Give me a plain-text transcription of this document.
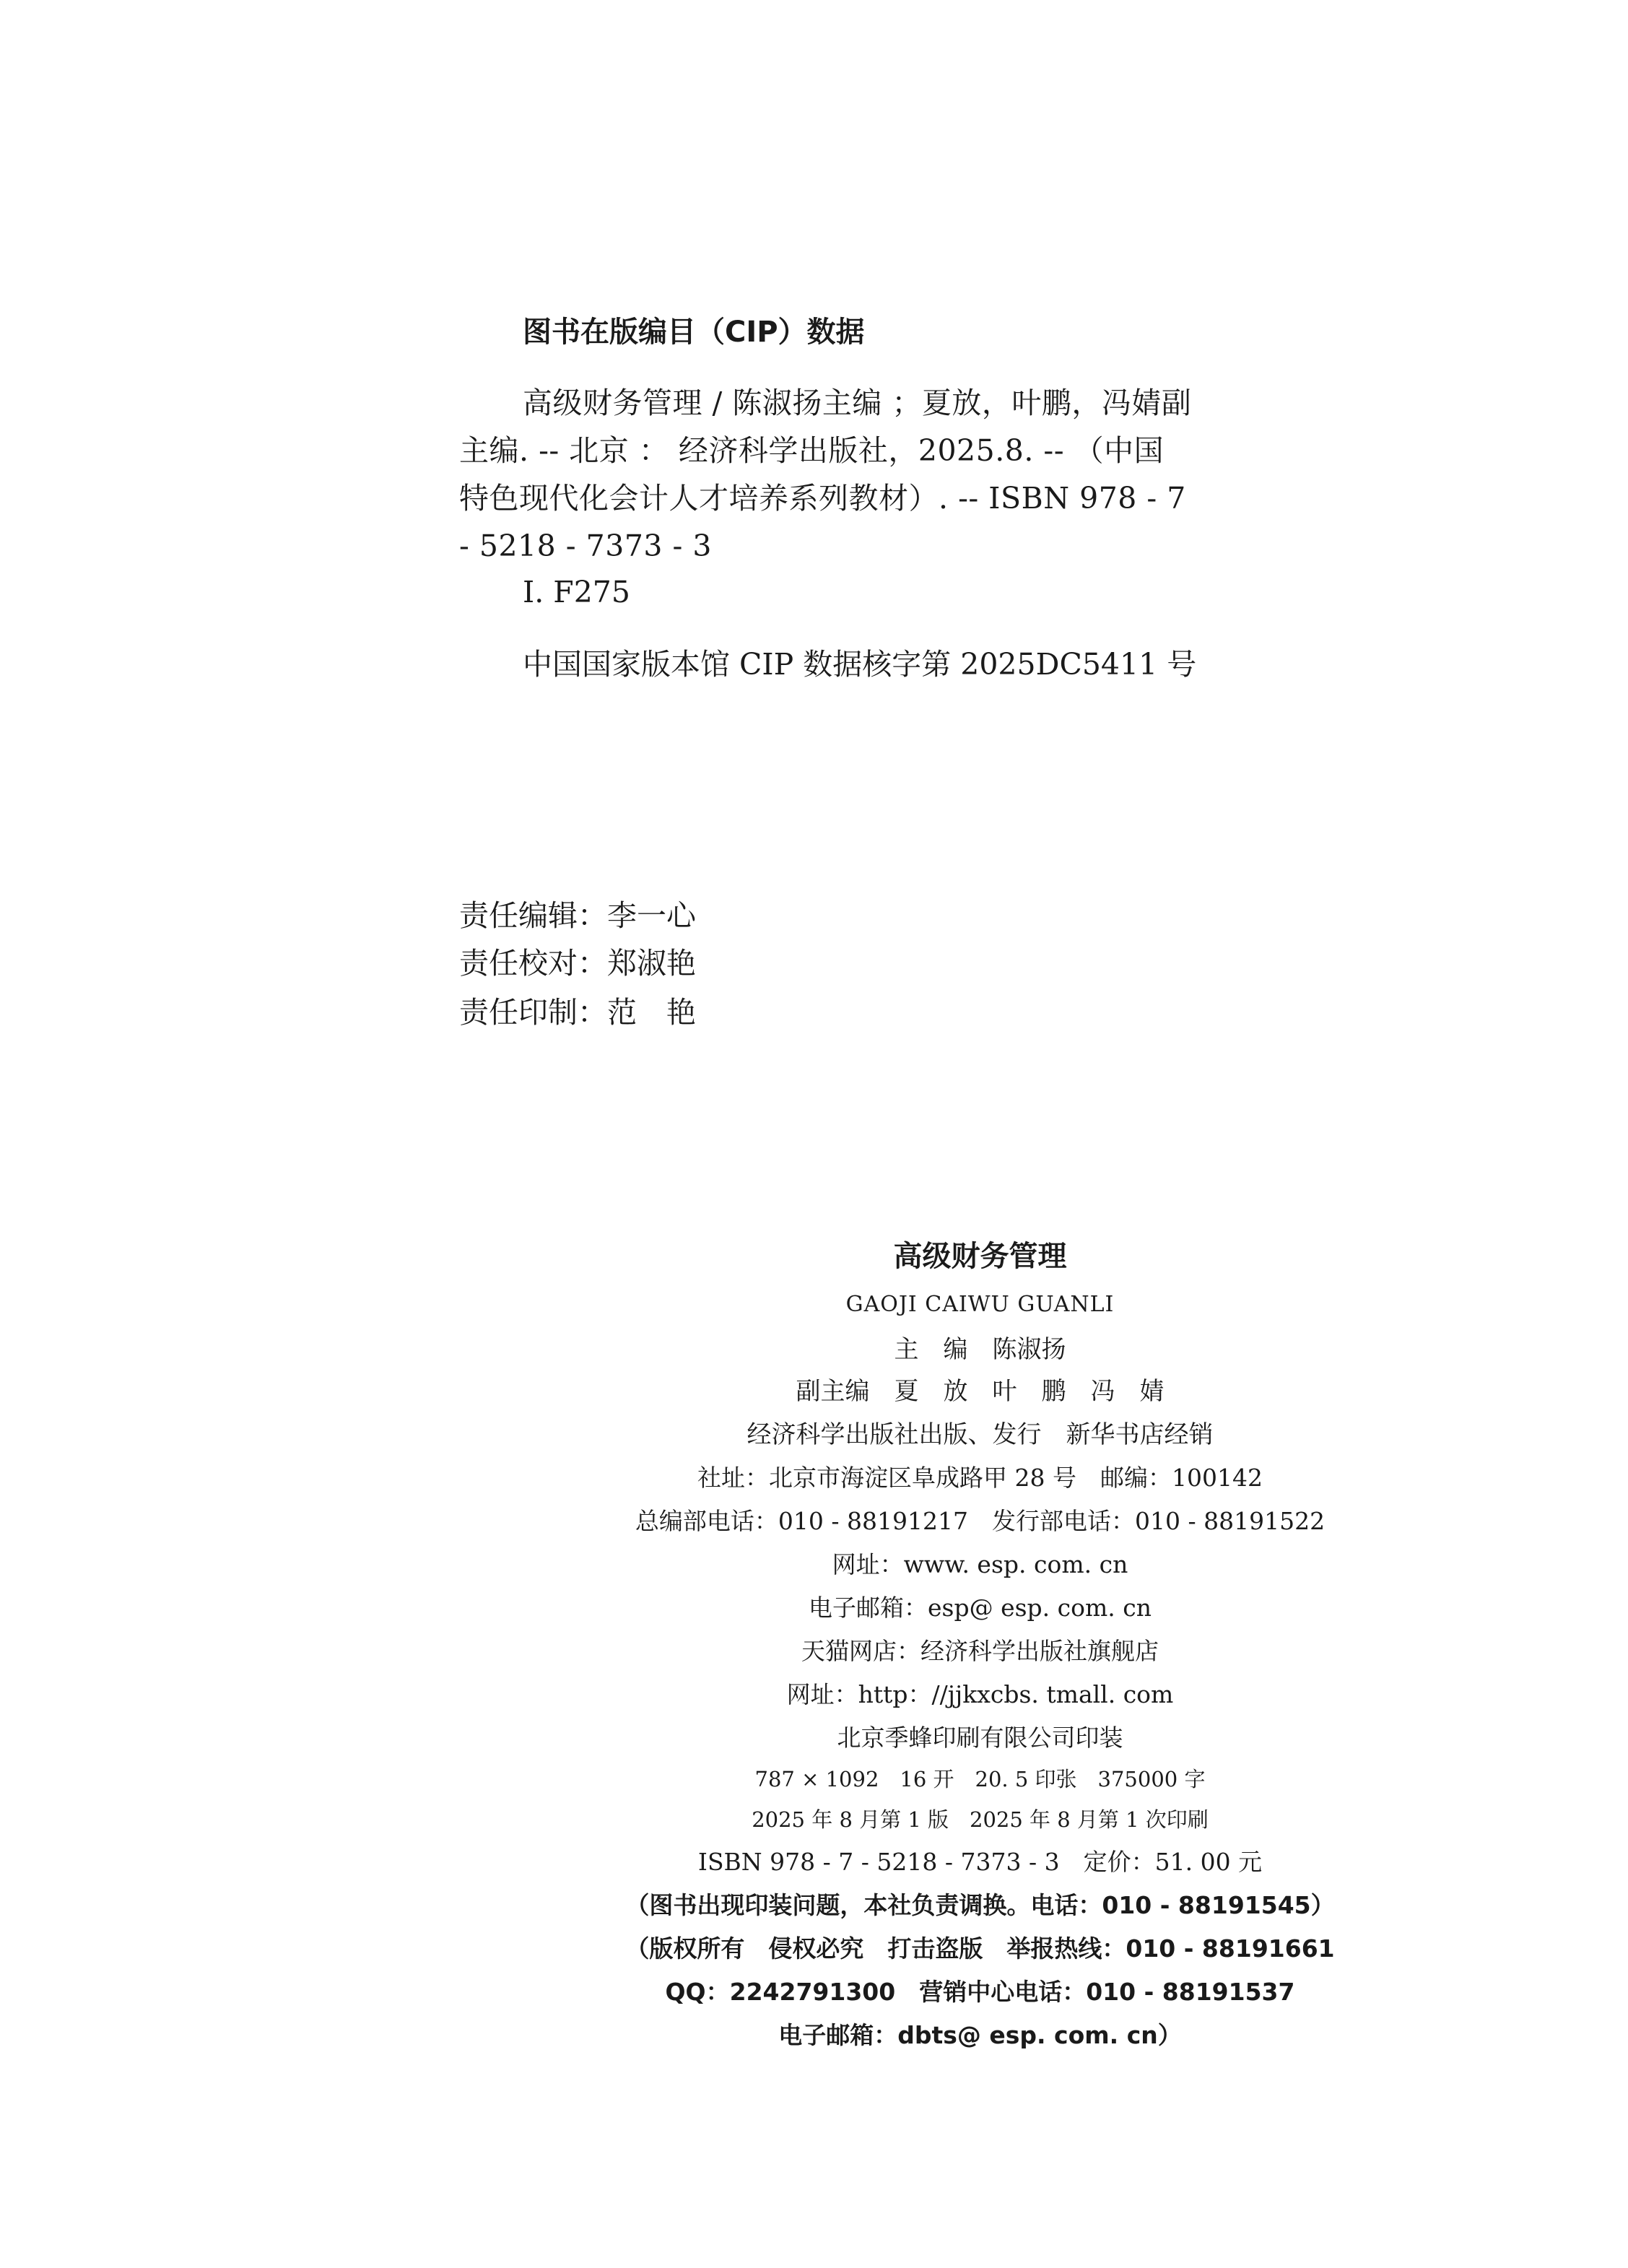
图书在版编目（CIP）数据
高级财务管理 / 陈淑扬主编 ；夏放，叶鹏，冯婧副
主编. -- 北京 ： 经济科学出版社，2025.8. -- （中国
特色现代化会计人才培养系列教材）. -- ISBN 978 - 7
- 5218 - 7373 - 3
Ⅰ. F275
中国国家版本馆 CIP 数据核字第 2025DC5411 号
责任编辑：李一心
责任校对：郑淑艳
责任印制：范　艳
高级财务管理
GAOJI CAIWU GUANLI
主　编　陈淑扬
副主编　夏　放　叶　鹏　冯　婧
经济科学出版社出版、发行　新华书店经销
社址：北京市海淀区阜成路甲 28 号　邮编：100142
总编部电话：010 - 88191217　发行部电话：010 - 88191522
网址：www. esp. com. cn
电子邮箱：esp@ esp. com. cn
天猫网店：经济科学出版社旗舰店
网址：http：//jjkxcbs. tmall. com
北京季蜂印刷有限公司印装
787 × 1092　16 开　20. 5 印张　375000 字
2025 年 8 月第 1 版　2025 年 8 月第 1 次印刷
ISBN 978 - 7 - 5218 - 7373 - 3　定价：51. 00 元
（图书出现印装问题，本社负责调换。电话：010 - 88191545）
（版权所有　侵权必究　打击盗版　举报热线：010 - 88191661
QQ：2242791300　营销中心电话：010 - 88191537
电子邮箱：dbts@ esp. com. cn）
